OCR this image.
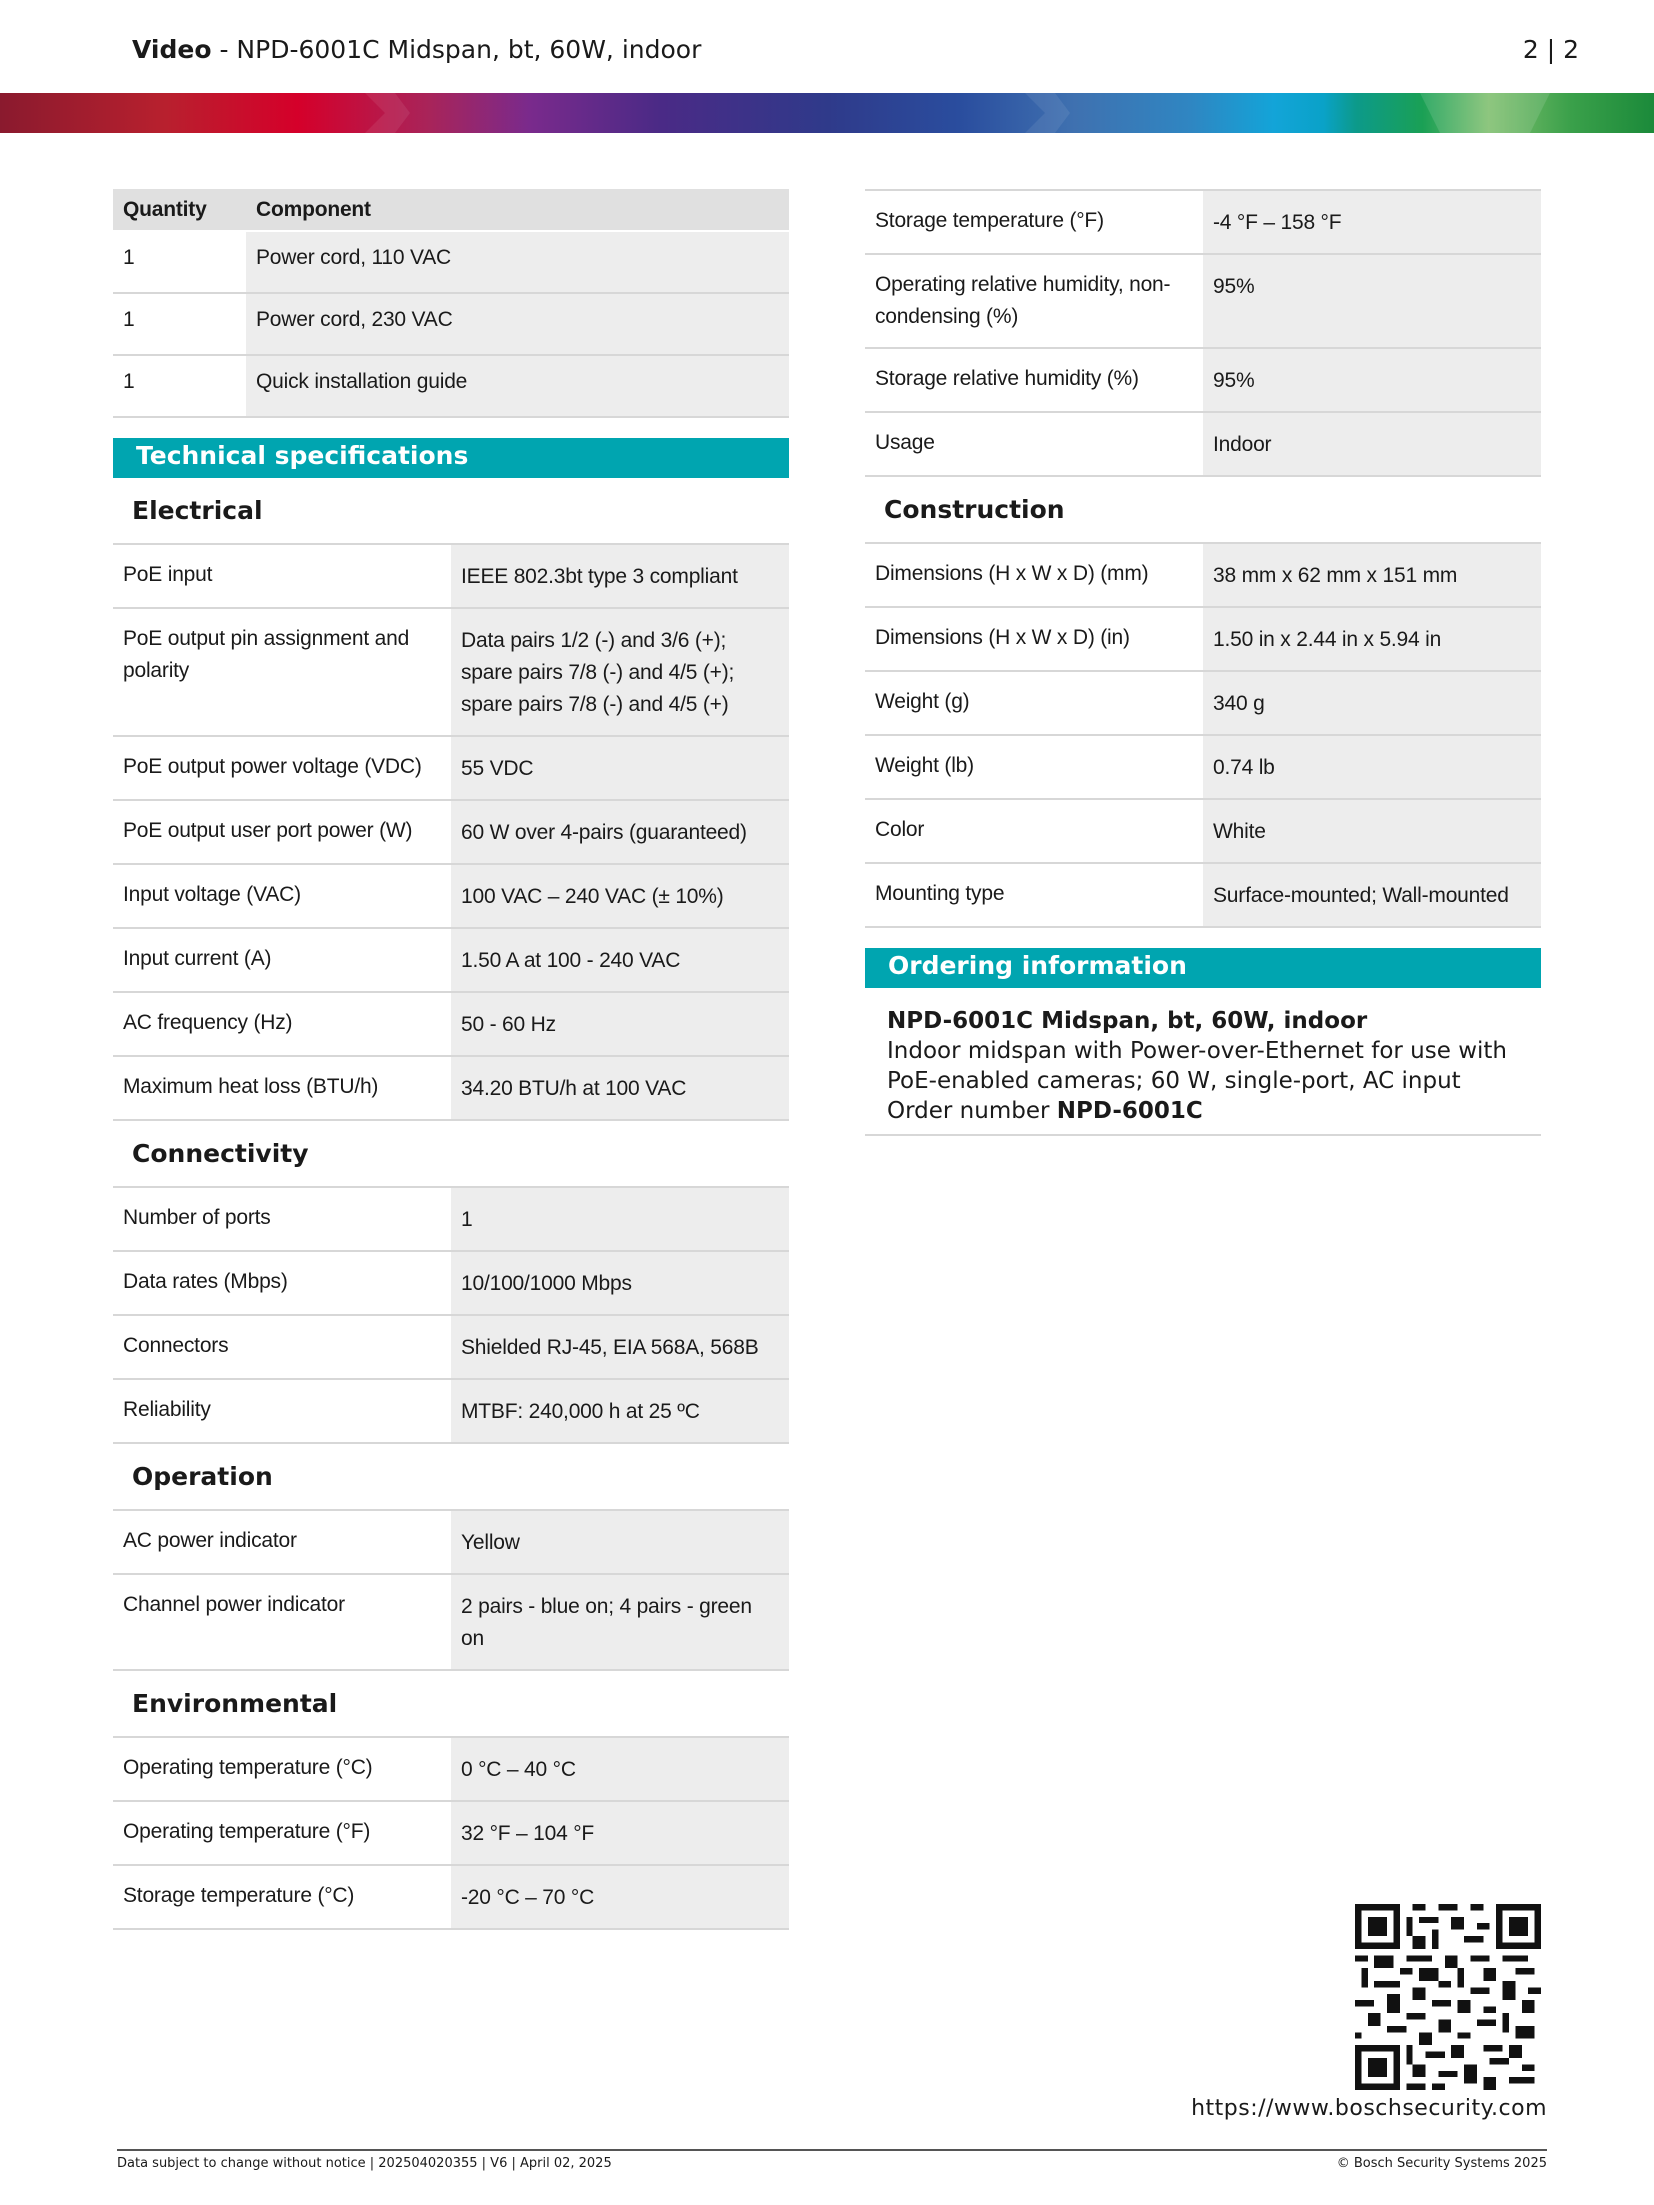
Video - NPD-6001C Midspan, bt, 60W, indoor	2 | 2
Quantity	Component
1	Power cord, 110 VAC
1	Power cord, 230 VAC
1	Quick installation guide
Technical specifications
Electrical
PoE input	IEEE 802.3bt type 3 compliant
PoE output pin assignment and polarity	Data pairs 1/2 (-) and 3/6 (+); spare pairs 7/8 (-) and 4/5 (+); spare pairs 7/8 (-) and 4/5 (+)
PoE output power voltage (VDC)	55 VDC
PoE output user port power (W)	60 W over 4-pairs (guaranteed)
Input voltage (VAC)	100 VAC – 240 VAC (± 10%)
Input current (A)	1.50 A at 100 - 240 VAC
AC frequency (Hz)	50 - 60 Hz
Maximum heat loss (BTU/h)	34.20 BTU/h at 100 VAC
Connectivity
Number of ports	1
Data rates (Mbps)	10/100/1000 Mbps
Connectors	Shielded RJ-45, EIA 568A, 568B
Reliability	MTBF: 240,000 h at 25 ºC
Operation
AC power indicator	Yellow
Channel power indicator	2 pairs - blue on; 4 pairs - green on
Environmental
Operating temperature (°C)	0 °C – 40 °C
Operating temperature (°F)	32 °F – 104 °F
Storage temperature (°C)	-20 °C – 70 °C
Storage temperature (°F)	-4 °F – 158 °F
Operating relative humidity, non-condensing (%)	95%
Storage relative humidity (%)	95%
Usage	Indoor
Construction
Dimensions (H x W x D) (mm)	38 mm x 62 mm x 151 mm
Dimensions (H x W x D) (in)	1.50 in x 2.44 in x 5.94 in
Weight (g)	340 g
Weight (lb)	0.74 lb
Color	White
Mounting type	Surface-mounted; Wall-mounted
Ordering information
NPD-6001C Midspan, bt, 60W, indoor
Indoor midspan with Power-over-Ethernet for use with PoE-enabled cameras; 60 W, single-port, AC input
Order number NPD-6001C
https://www.boschsecurity.com
Data subject to change without notice | 202504020355 | V6 | April 02, 2025	© Bosch Security Systems 2025
